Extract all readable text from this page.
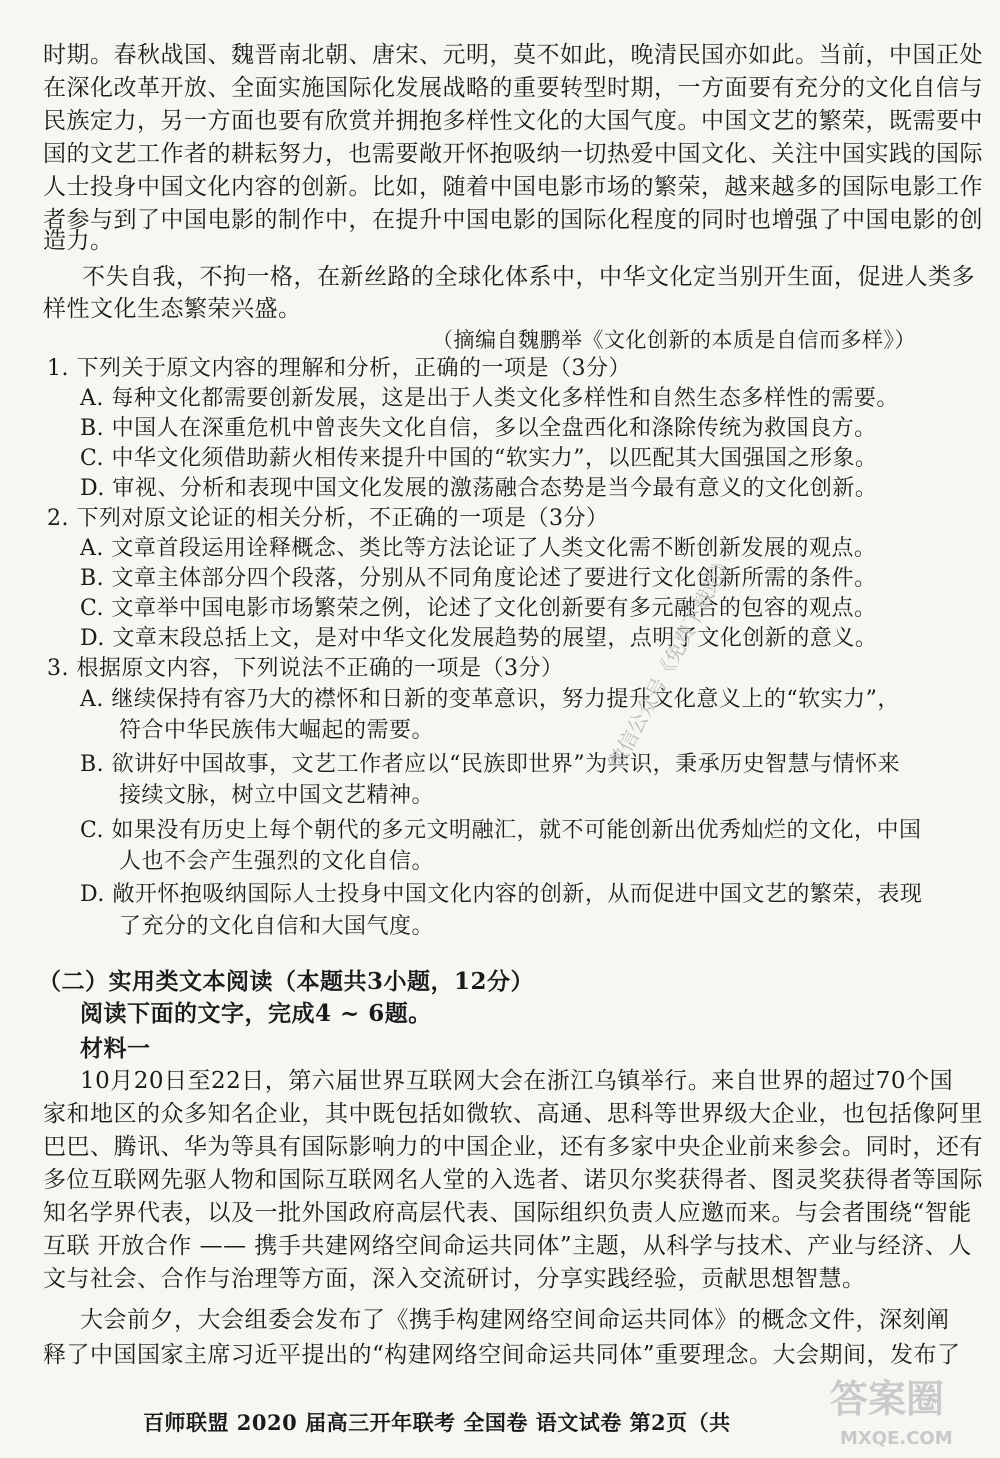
时期。春秋战国、魏晋南北朝、唐宋、元明，莫不如此，晚清民国亦如此。当前，中国正处
在深化改革开放、全面实施国际化发展战略的重要转型时期，一方面要有充分的文化自信与
民族定力，另一方面也要有欣赏并拥抱多样性文化的大国气度。中国文艺的繁荣，既需要中
国的文艺工作者的耕耘努力，也需要敞开怀抱吸纳一切热爱中国文化、关注中国实践的国际
人士投身中国文化内容的创新。比如，随着中国电影市场的繁荣，越来越多的国际电影工作
者参与到了中国电影的制作中，在提升中国电影的国际化程度的同时也增强了中国电影的创
造力。
不失自我，不拘一格，在新丝路的全球化体系中，中华文化定当别开生面，促进人类多
样性文化生态繁荣兴盛。
（摘编自魏鹏举《文化创新的本质是自信而多样》）
1. 下列关于原文内容的理解和分析，正确的一项是（3分）
A. 每种文化都需要创新发展，这是出于人类文化多样性和自然生态多样性的需要。
B. 中国人在深重危机中曾丧失文化自信，多以全盘西化和涤除传统为救国良方。
C. 中华文化须借助薪火相传来提升中国的“软实力”，以匹配其大国强国之形象。
D. 审视、分析和表现中国文化发展的激荡融合态势是当今最有意义的文化创新。
2. 下列对原文论证的相关分析，不正确的一项是（3分）
A. 文章首段运用诠释概念、类比等方法论证了人类文化需不断创新发展的观点。
B. 文章主体部分四个段落，分别从不同角度论述了要进行文化创新所需的条件。
C. 文章举中国电影市场繁荣之例，论述了文化创新要有多元融合的包容的观点。
D. 文章末段总括上文，是对中华文化发展趋势的展望，点明了文化创新的意义。
3. 根据原文内容，下列说法不正确的一项是（3分）
A. 继续保持有容乃大的襟怀和日新的变革意识，努力提升文化意义上的“软实力”，
符合中华民族伟大崛起的需要。
B. 欲讲好中国故事，文艺工作者应以“民族即世界”为共识，秉承历史智慧与情怀来
接续文脉，树立中国文艺精神。
C. 如果没有历史上每个朝代的多元文明融汇，就不可能创新出优秀灿烂的文化，中国
人也不会产生强烈的文化自信。
D. 敞开怀抱吸纳国际人士投身中国文化内容的创新，从而促进中国文艺的繁荣，表现
了充分的文化自信和大国气度。
（二）实用类文本阅读（本题共3小题，12分）
阅读下面的文字，完成4 ~ 6题。
材料一
10月20日至22日，第六届世界互联网大会在浙江乌镇举行。来自世界的超过70个国
家和地区的众多知名企业，其中既包括如微软、高通、思科等世界级大企业，也包括像阿里
巴巴、腾讯、华为等具有国际影响力的中国企业，还有多家中央企业前来参会。同时，还有
多位互联网先驱人物和国际互联网名人堂的入选者、诺贝尔奖获得者、图灵奖获得者等国际
知名学界代表，以及一批外国政府高层代表、国际组织负责人应邀而来。与会者围绕“智能
互联 开放合作 —— 携手共建网络空间命运共同体”主题，从科学与技术、产业与经济、人
文与社会、合作与治理等方面，深入交流研讨，分享实践经验，贡献思想智慧。
大会前夕，大会组委会发布了《携手构建网络空间命运共同体》的概念文件，深刻阐
释了中国国家主席习近平提出的“构建网络空间命运共同体”重要理念。大会期间，发布了
微信公众号《免费下载站》
答案圈
MXQE.COM
百师联盟 2020 届高三开年联考 全国卷 语文试卷 第2页（共
